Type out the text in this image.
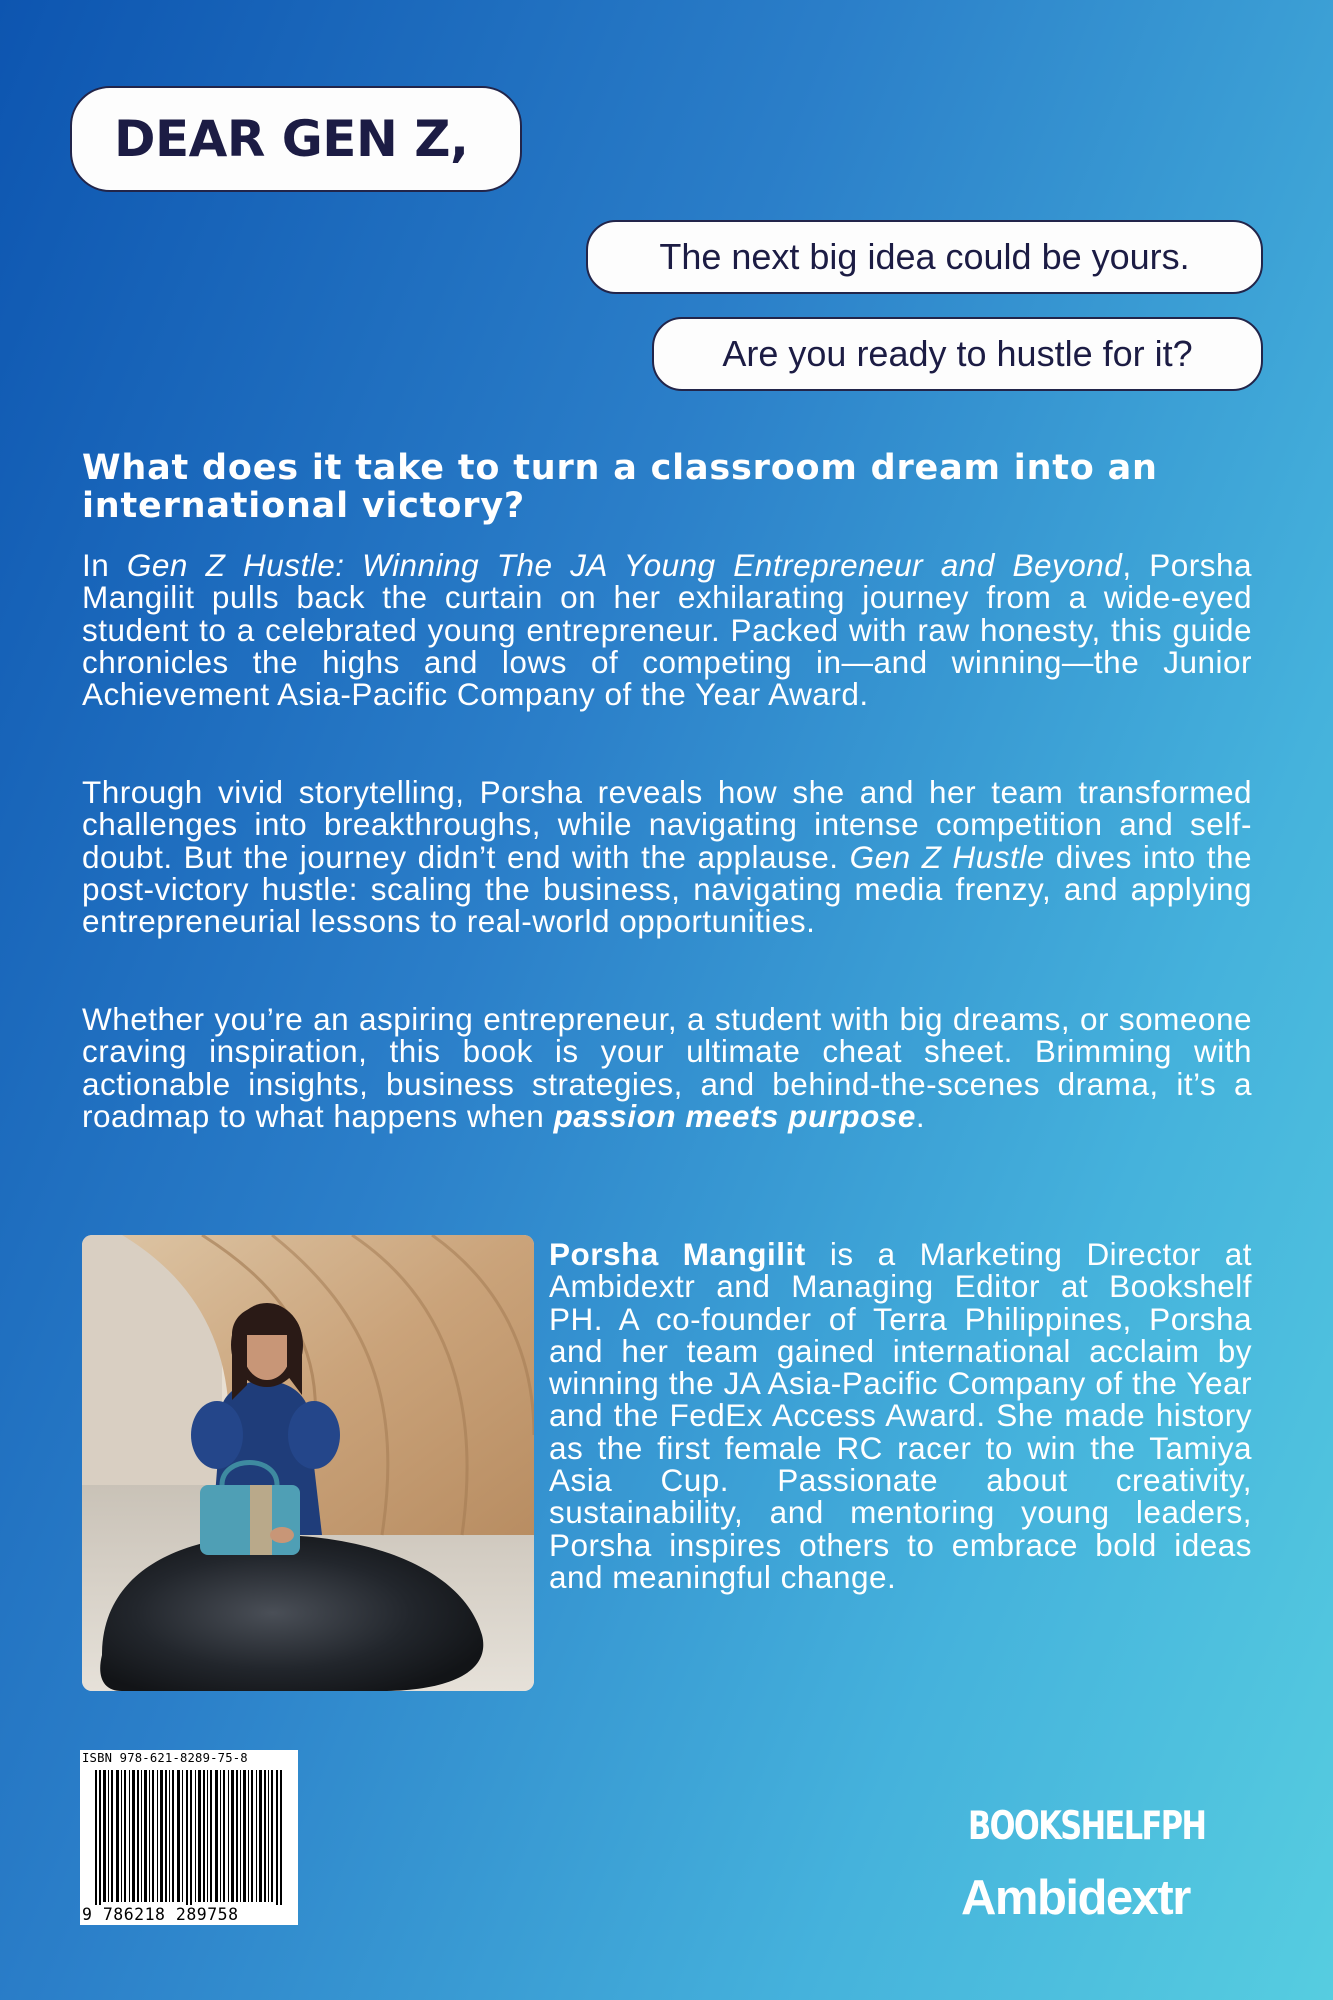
DEAR GEN Z,
The next big idea could be yours.
Are you ready to hustle for it?
What does it take to turn a classroom dream into an international victory?

In Gen Z Hustle: Winning The JA Young Entrepreneur and Beyond, Porsha Mangilit pulls back the curtain on her exhilarating journey from a wide-eyed student to a celebrated young entrepreneur. Packed with raw honesty, this guide chronicles the highs and lows of competing in—and winning—the Junior Achievement Asia-Pacific Company of the Year Award.

Through vivid storytelling, Porsha reveals how she and her team transformed challenges into breakthroughs, while navigating intense competition and self-doubt. But the journey didn’t end with the applause. Gen Z Hustle dives into the post-victory hustle: scaling the business, navigating media frenzy, and applying entrepreneurial lessons to real-world opportunities.

Whether you’re an aspiring entrepreneur, a student with big dreams, or someone craving inspiration, this book is your ultimate cheat sheet. Brimming with actionable insights, business strategies, and behind-the-scenes drama, it’s a roadmap to what happens when passion meets purpose.

Porsha Mangilit is a Marketing Director at Ambidextr and Managing Editor at Bookshelf PH. A co-founder of Terra Philippines, Porsha and her team gained international acclaim by winning the JA Asia-Pacific Company of the Year and the FedEx Access Award. She made history as the first female RC racer to win the Tamiya Asia Cup. Passionate about creativity, sustainability, and mentoring young leaders, Porsha inspires others to embrace bold ideas and meaningful change.

ISBN 978-621-8289-75-8
9 786218 289758
BOOKSHELFPH
Ambidextr
